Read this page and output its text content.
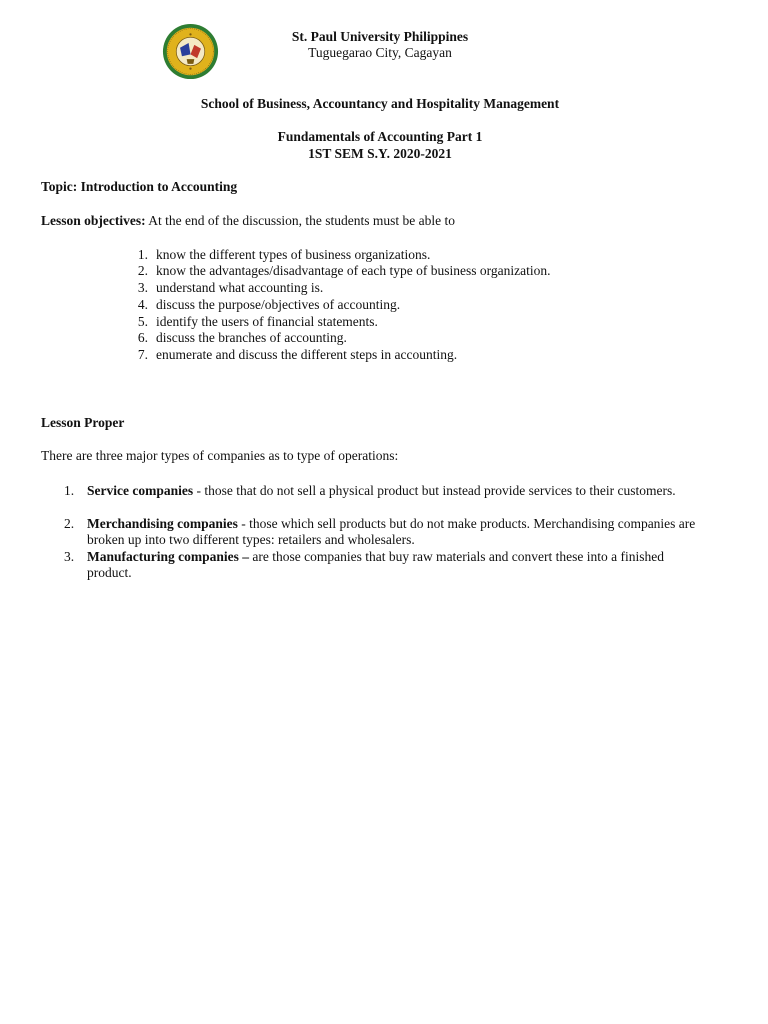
St. Paul University Philippines
Tuguegarao City, Cagayan
School of Business, Accountancy and Hospitality Management
Fundamentals of Accounting Part 1
1ST SEM S.Y. 2020-2021
Topic: Introduction to Accounting
Lesson objectives: At the end of the discussion, the students must be able to
1. know the different types of business organizations.
2. know the advantages/disadvantage of each type of business organization.
3. understand what accounting is.
4. discuss the purpose/objectives of accounting.
5. identify the users of financial statements.
6. discuss the branches of accounting.
7. enumerate and discuss the different steps in accounting.
Lesson Proper
There are three major types of companies as to type of operations:
1. Service companies - those that do not sell a physical product but instead provide services to their customers.
2. Merchandising companies - those which sell products but do not make products. Merchandising companies are broken up into two different types: retailers and wholesalers.
3. Manufacturing companies – are those companies that buy raw materials and convert these into a finished product.
